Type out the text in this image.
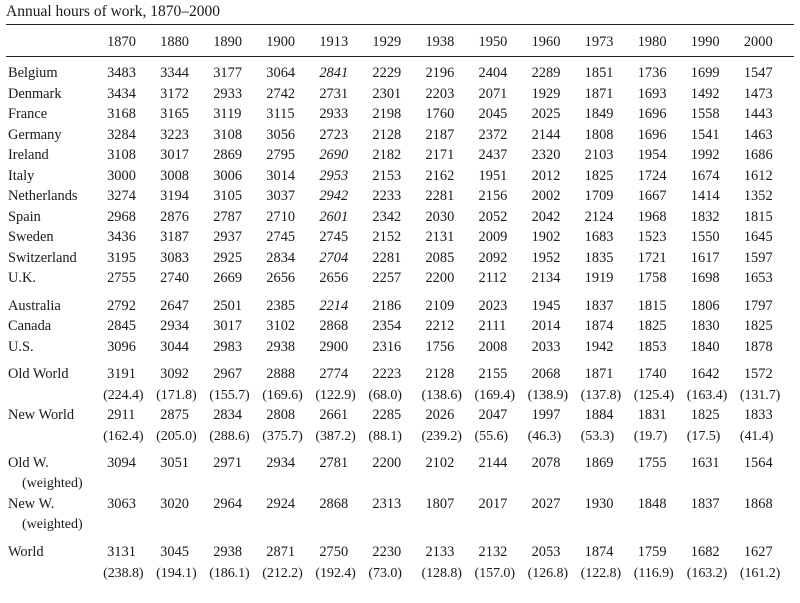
Annual hours of work, 1870–2000
	1870	1880	1890	1900	1913	1929	1938	1950	1960	1973	1980	1990	2000
Belgium	3483	3344	3177	3064	2841	2229	2196	2404	2289	1851	1736	1699	1547
Denmark	3434	3172	2933	2742	2731	2301	2203	2071	1929	1871	1693	1492	1473
France	3168	3165	3119	3115	2933	2198	1760	2045	2025	1849	1696	1558	1443
Germany	3284	3223	3108	3056	2723	2128	2187	2372	2144	1808	1696	1541	1463
Ireland	3108	3017	2869	2795	2690	2182	2171	2437	2320	2103	1954	1992	1686
Italy	3000	3008	3006	3014	2953	2153	2162	1951	2012	1825	1724	1674	1612
Netherlands	3274	3194	3105	3037	2942	2233	2281	2156	2002	1709	1667	1414	1352
Spain	2968	2876	2787	2710	2601	2342	2030	2052	2042	2124	1968	1832	1815
Sweden	3436	3187	2937	2745	2745	2152	2131	2009	1902	1683	1523	1550	1645
Switzerland	3195	3083	2925	2834	2704	2281	2085	2092	1952	1835	1721	1617	1597
U.K.	2755	2740	2669	2656	2656	2257	2200	2112	2134	1919	1758	1698	1653

Australia	2792	2647	2501	2385	2214	2186	2109	2023	1945	1837	1815	1806	1797
Canada	2845	2934	3017	3102	2868	2354	2212	2111	2014	1874	1825	1830	1825
U.S.	3096	3044	2983	2938	2900	2316	1756	2008	2033	1942	1853	1840	1878

Old World	3191	3092	2967	2888	2774	2223	2128	2155	2068	1871	1740	1642	1572
	(224.4)	(171.8)	(155.7)	(169.6)	(122.9)	(68.0)	(138.6)	(169.4)	(138.9)	(137.8)	(125.4)	(163.4)	(131.7)
New World	2911	2875	2834	2808	2661	2285	2026	2047	1997	1884	1831	1825	1833
	(162.4)	(205.0)	(288.6)	(375.7)	(387.2)	(88.1)	(239.2)	(55.6)	(46.3)	(53.3)	(19.7)	(17.5)	(41.4)

Old W.	3094	3051	2971	2934	2781	2200	2102	2144	2078	1869	1755	1631	1564
(weighted)													
New W.	3063	3020	2964	2924	2868	2313	1807	2017	2027	1930	1848	1837	1868
(weighted)													

World	3131	3045	2938	2871	2750	2230	2133	2132	2053	1874	1759	1682	1627
	(238.8)	(194.1)	(186.1)	(212.2)	(192.4)	(73.0)	(128.8)	(157.0)	(126.8)	(122.8)	(116.9)	(163.2)	(161.2)
